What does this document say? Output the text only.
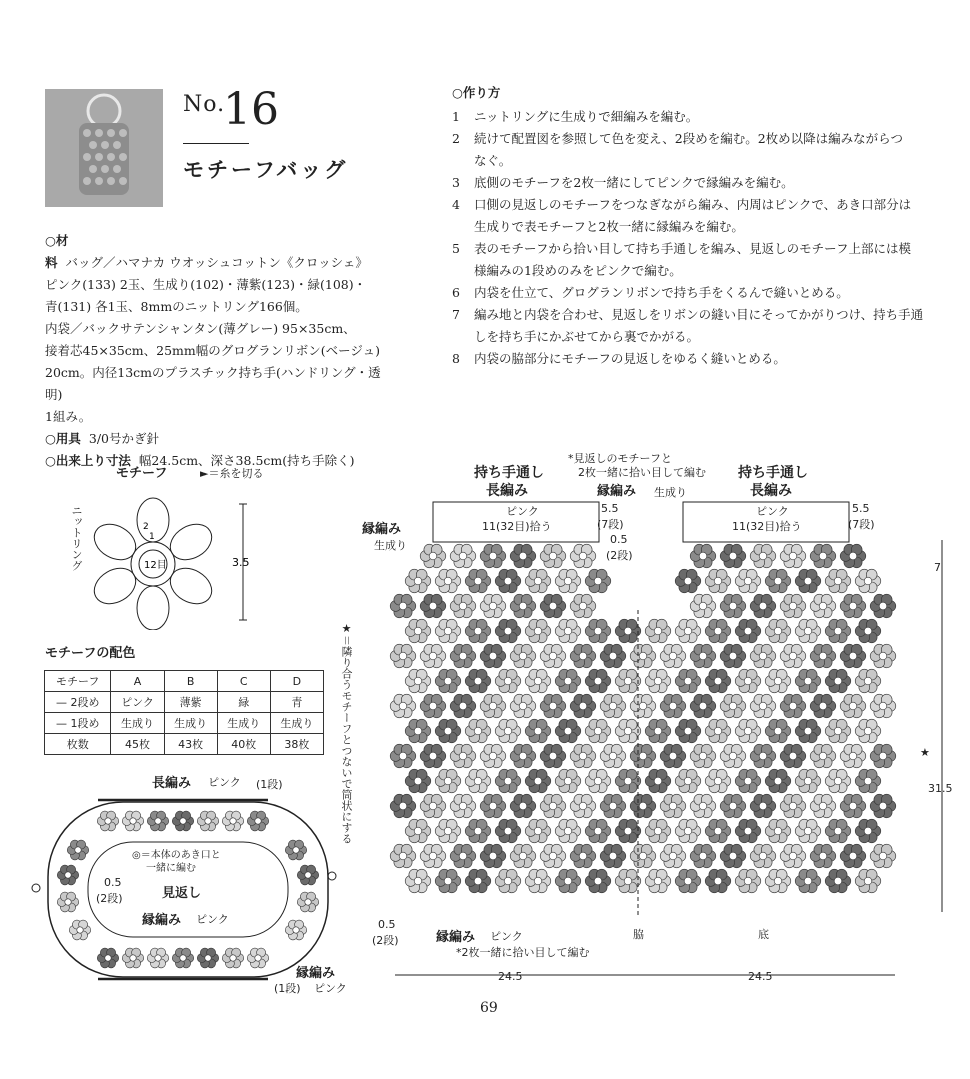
No.
16
モチーフバッグ

○材料 バッグ／ハマナカ ウオッシュコットン《クロッシェ》

ピンク(133) 2玉、生成り(102)・薄紫(123)・緑(108)・

青(131) 各1玉、8mmのニットリング166個。

内袋／バックサテンシャンタン(薄グレー) 95×35cm、

接着芯45×35cm、25mm幅のグログランリボン(ベージュ)

20cm。内径13cmのプラスチック持ち手(ハンドリング・透明)

1組み。

○用具 3/0号かぎ針

○出来上り寸法 幅24.5cm、深さ38.5cm(持ち手除く)

○作り方
1	ニットリングに生成りで細編みを編む。
2	続けて配置図を参照して色を変え、2段めを編む。2枚め以降は編みながらつ
なぐ。
3	底側のモチーフを2枚一緒にしてピンクで縁編みを編む。
4	口側の見返しのモチーフをつなぎながら編み、内周はピンクで、あき口部分は
生成りで表モチーフと2枚一緒に縁編みを編む。
5	表のモチーフから拾い目して持ち手通しを編み、見返しのモチーフ上部には模
様編みの1段めのみをピンクで編む。
6	内袋を仕立て、グログランリボンで持ち手をくるんで縫いとめる。
7	編み地と内袋を合わせ、見返しをリボンの縫い目にそってかがりつけ、持ち手通
しを持ち手にかぶせてから裏でかがる。
8	内袋の脇部分にモチーフの見返しをゆるく縫いとめる。
モチーフ	►＝糸を切る
12目
2
1
3.5
ニットリング
モチーフの配色
モチーフ	A	B	C	D
— 2段め	ピンク	薄紫	緑	青
— 1段め	生成り	生成り	生成り	生成り
枚数	45枚	43枚	40枚	38枚
長編み ピンク (1段)
◎＝本体のあき口と
一緒に編む
見返し
縁編み ピンク
0.5
(2段)
縁編み
(1段) ピンク
持ち手通し
長編み
持ち手通し
長編み
ピンク
11(32目)拾う
ピンク
11(32目)拾う
5.5
(7段)
5.5
(7段)
*見返しのモチーフと
2枚一緒に拾い目して編む
縁編み 生成り
縁編み
生成り	0.5
(2段)
★＝隣り合うモチーフとつないで筒状にする	★
7
31.5
0.5
(2段)	縁編み ピンク
*2枚一緒に拾い目して編む
脇	底
24.5	24.5
69
